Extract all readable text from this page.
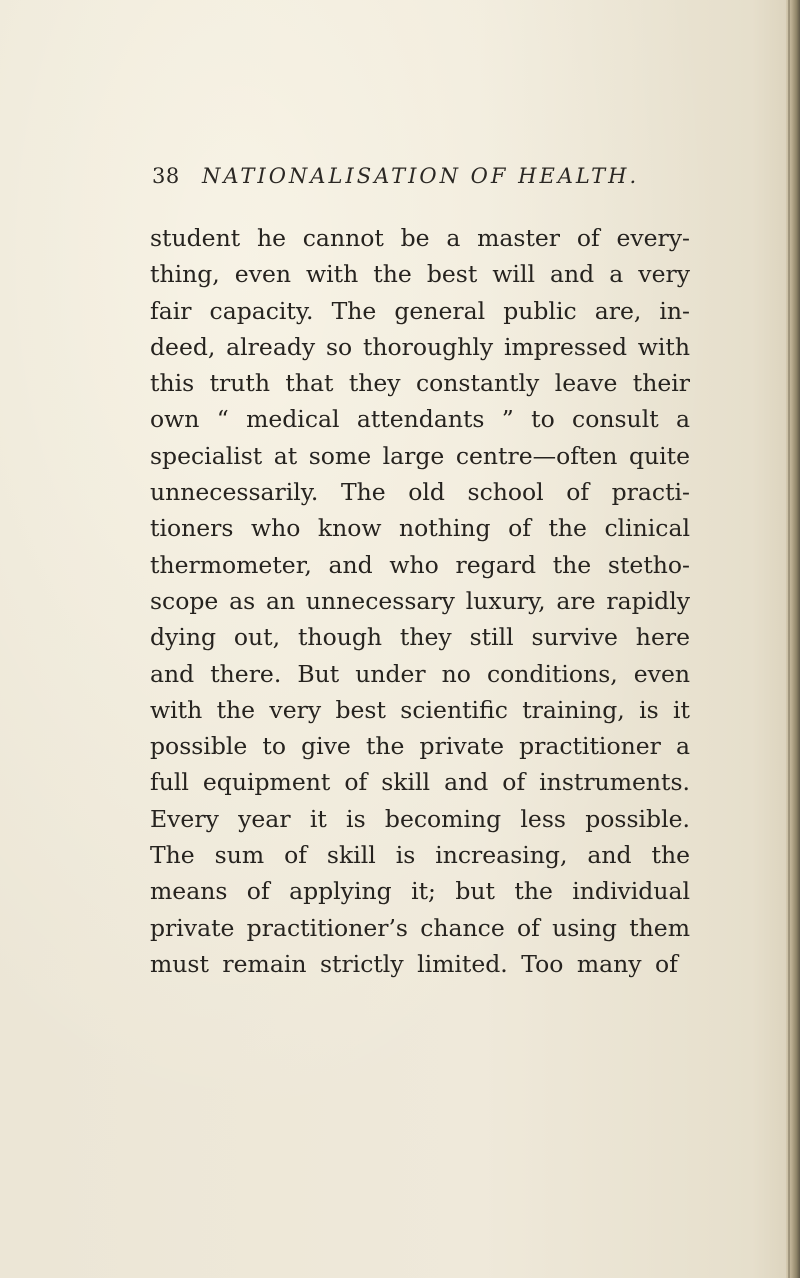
38 NATIONALISATION OF HEALTH.
student he cannot be a master of every-
thing, even with the best will and a very
fair capacity. The general public are, in-
deed, already so thoroughly impressed with
this truth that they constantly leave their
own “ medical attendants ” to consult a
specialist at some large centre—often quite
unnecessarily. The old school of practi-
tioners who know nothing of the clinical
thermometer, and who regard the stetho-
scope as an unnecessary luxury, are rapidly
dying out, though they still survive here
and there. But under no conditions, even
with the very best scientific training, is it
possible to give the private practitioner a
full equipment of skill and of instruments.
Every year it is becoming less possible.
The sum of skill is increasing, and the
means of applying it; but the individual
private practitioner’s chance of using them
must remain strictly limited. Too many of
